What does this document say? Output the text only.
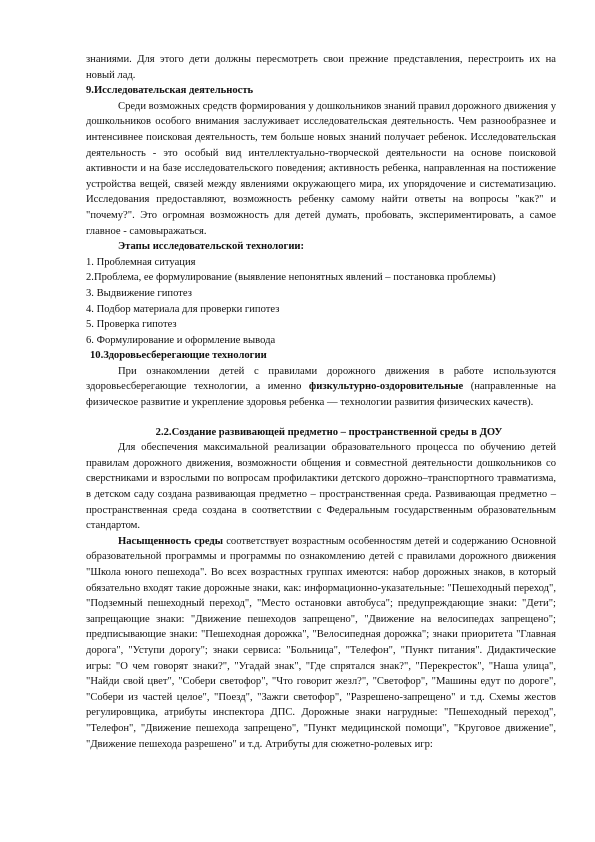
знаниями. Для этого дети должны пересмотреть свои прежние представления, перестроить их на новый лад.

9.Исследовательская деятельность

Среди возможных средств формирования у дошкольников знаний правил дорожного движения у дошкольников особого внимания заслуживает исследовательская деятельность. Чем разнообразнее и интенсивнее поисковая деятельность, тем больше новых знаний получает ребенок. Исследовательская деятельность - это особый вид интеллектуально-творческой деятельности на основе поисковой активности и на базе исследовательского поведения; активность ребенка, направленная на постижение устройства вещей, связей между явлениями окружающего мира, их упорядочение и систематизацию. Исследования предоставляют, возможность ребенку самому найти ответы на вопросы "как?" и "почему?". Это огромная возможность для детей думать, пробовать, экспериментировать, а самое главное - самовыражаться.

Этапы исследовательской технологии:

1. Проблемная ситуация

2.Проблема, ее формулирование (выявление непонятных явлений – постановка проблемы)

3. Выдвижение гипотез

4. Подбор материала для проверки гипотез

5. Проверка гипотез

6. Формулирование и оформление вывода

10.Здоровьесберегающие технологии

При ознакомлении детей с правилами дорожного движения в работе используются здоровьесберегающие технологии, а именно физкультурно-оздоровительные (направленные на физическое развитие и укрепление здоровья ребенка — технологии развития физических качеств).

2.2.Создание развивающей предметно – пространственной среды в ДОУ

Для обеспечения максимальной реализации образовательного процесса по обучению детей правилам дорожного движения, возможности общения и совместной деятельности дошкольников со сверстниками и взрослыми по вопросам профилактики детского дорожно–транспортного травматизма, в детском саду создана развивающая предметно – пространственная среда. Развивающая предметно – пространственная среда создана в соответствии с Федеральным государственным образовательным стандартом.

Насыщенность среды соответствует возрастным особенностям детей и содержанию Основной образовательной программы и программы по ознакомлению детей с правилами дорожного движения "Школа юного пешехода". Во всех возрастных группах имеются: набор дорожных знаков, в который обязательно входят такие дорожные знаки, как: информационно-указательные: "Пешеходный переход", "Подземный пешеходный переход", "Место остановки автобуса"; предупреждающие знаки: "Дети"; запрещающие знаки: "Движение пешеходов запрещено", "Движение на велосипедах запрещено"; предписывающие знаки: "Пешеходная дорожка", "Велосипедная дорожка"; знаки приоритета "Главная дорога", "Уступи дорогу"; знаки сервиса: "Больница", "Телефон", "Пункт питания". Дидактические игры: "О чем говорят знаки?", "Угадай знак", "Где спрятался знак?", "Перекресток", "Наша улица", "Найди свой цвет", "Собери светофор", "Что говорит жезл?", "Светофор", "Машины едут по дороге", "Собери из частей целое", "Поезд", "Зажги светофор", "Разрешено-запрещено" и т.д. Схемы жестов регулировщика, атрибуты инспектора ДПС. Дорожные знаки нагрудные: "Пешеходный переход", "Телефон", "Движение пешехода запрещено", "Пункт медицинской помощи", "Круговое движение", "Движение пешехода разрешено" и т.д. Атрибуты для сюжетно-ролевых игр:
